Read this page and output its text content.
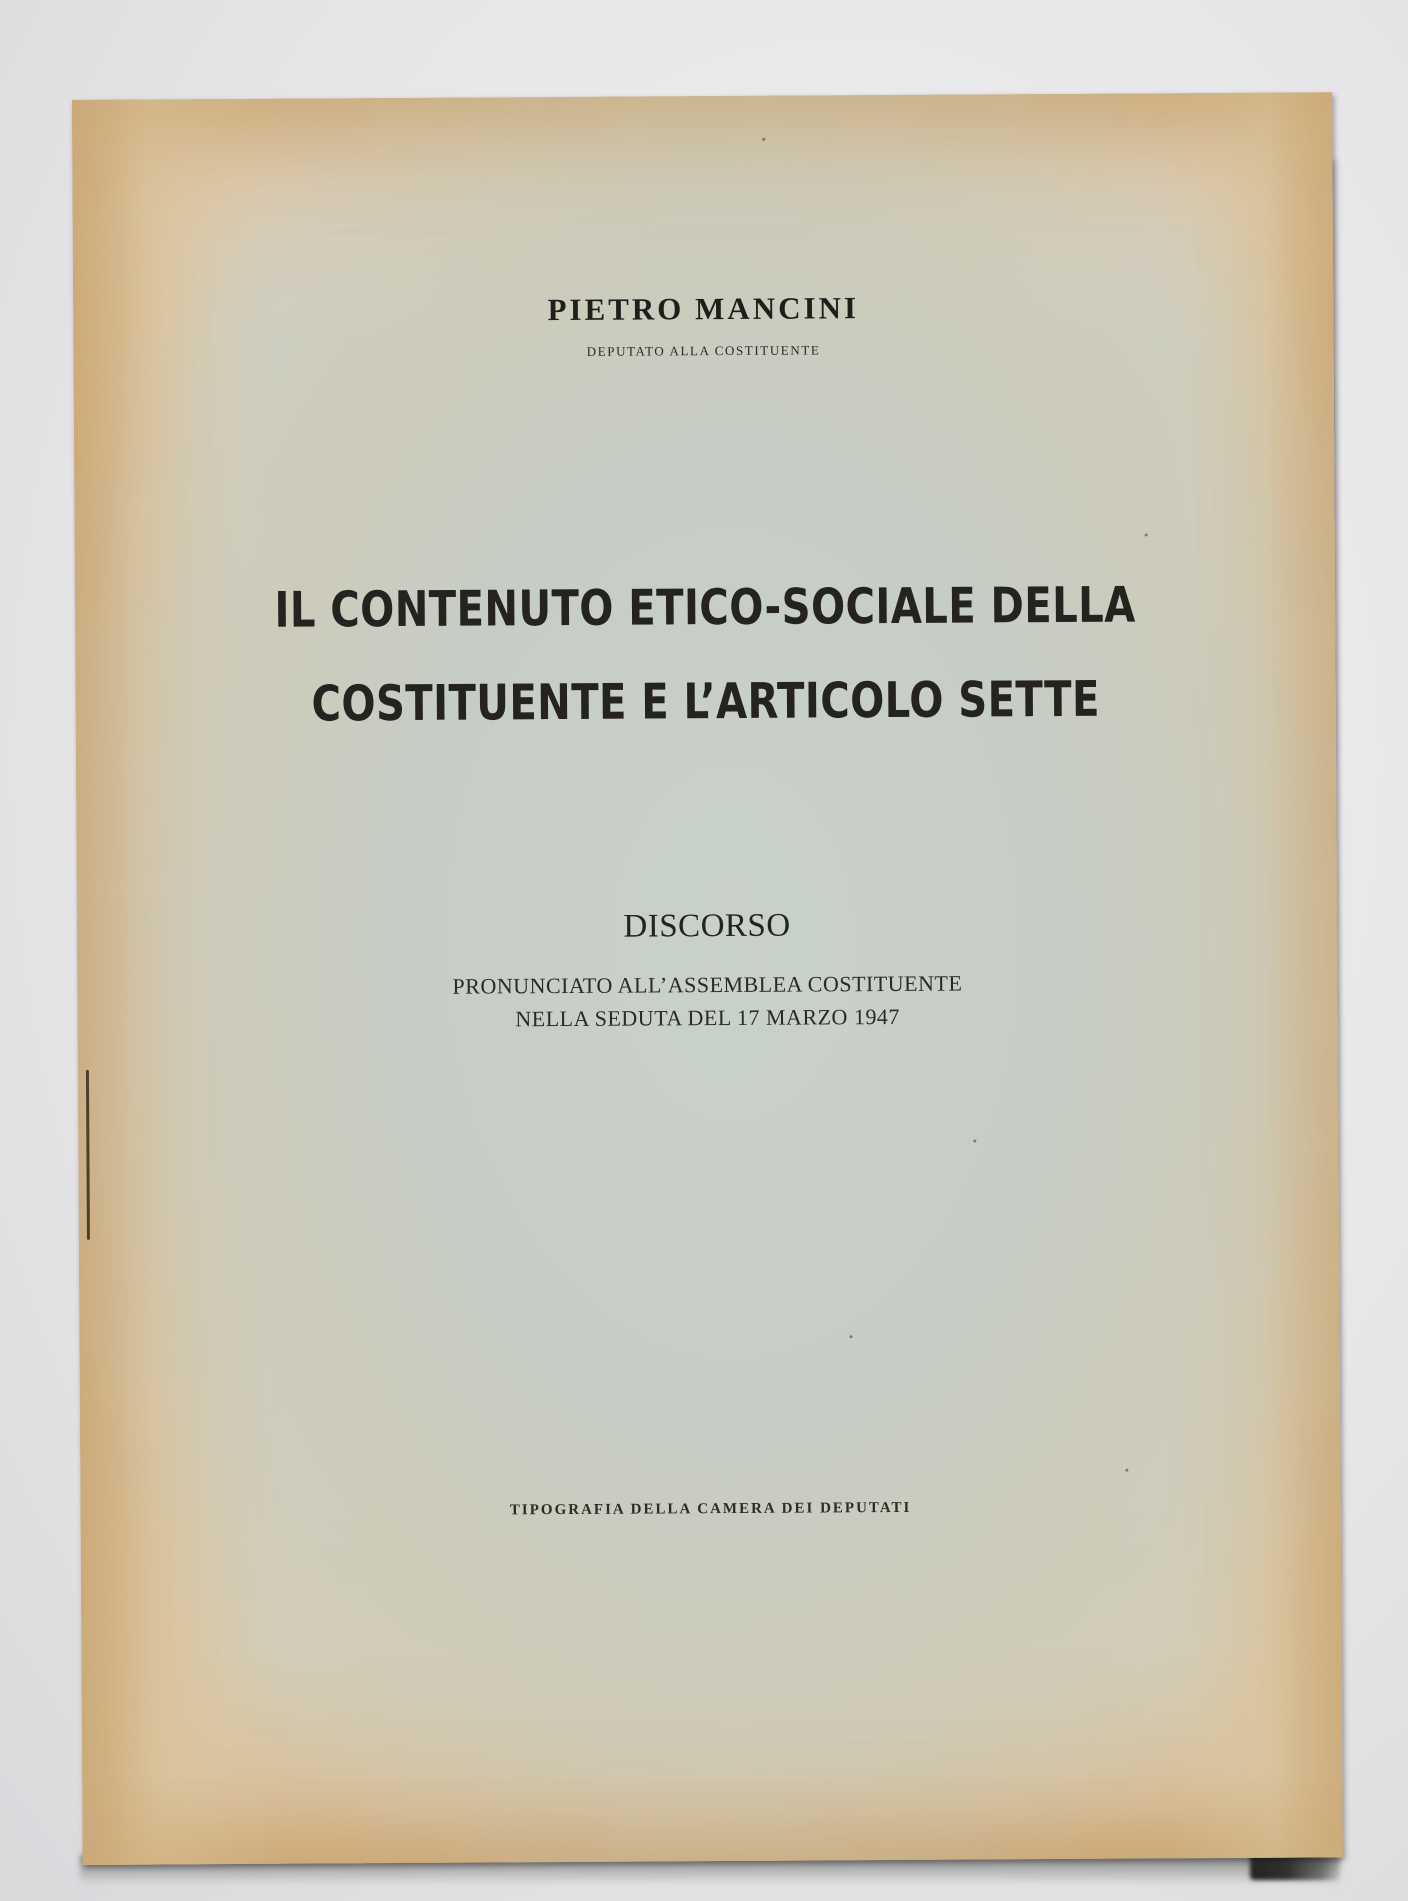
PIETRO MANCINI
DEPUTATO ALLA COSTITUENTE
IL CONTENUTO ETICO-SOCIALE DELLA
COSTITUENTE E L’ARTICOLO SETTE
DISCORSO
PRONUNCIATO ALL’ASSEMBLEA COSTITUENTE
NELLA SEDUTA DEL 17 MARZO 1947
TIPOGRAFIA DELLA CAMERA DEI DEPUTATI
